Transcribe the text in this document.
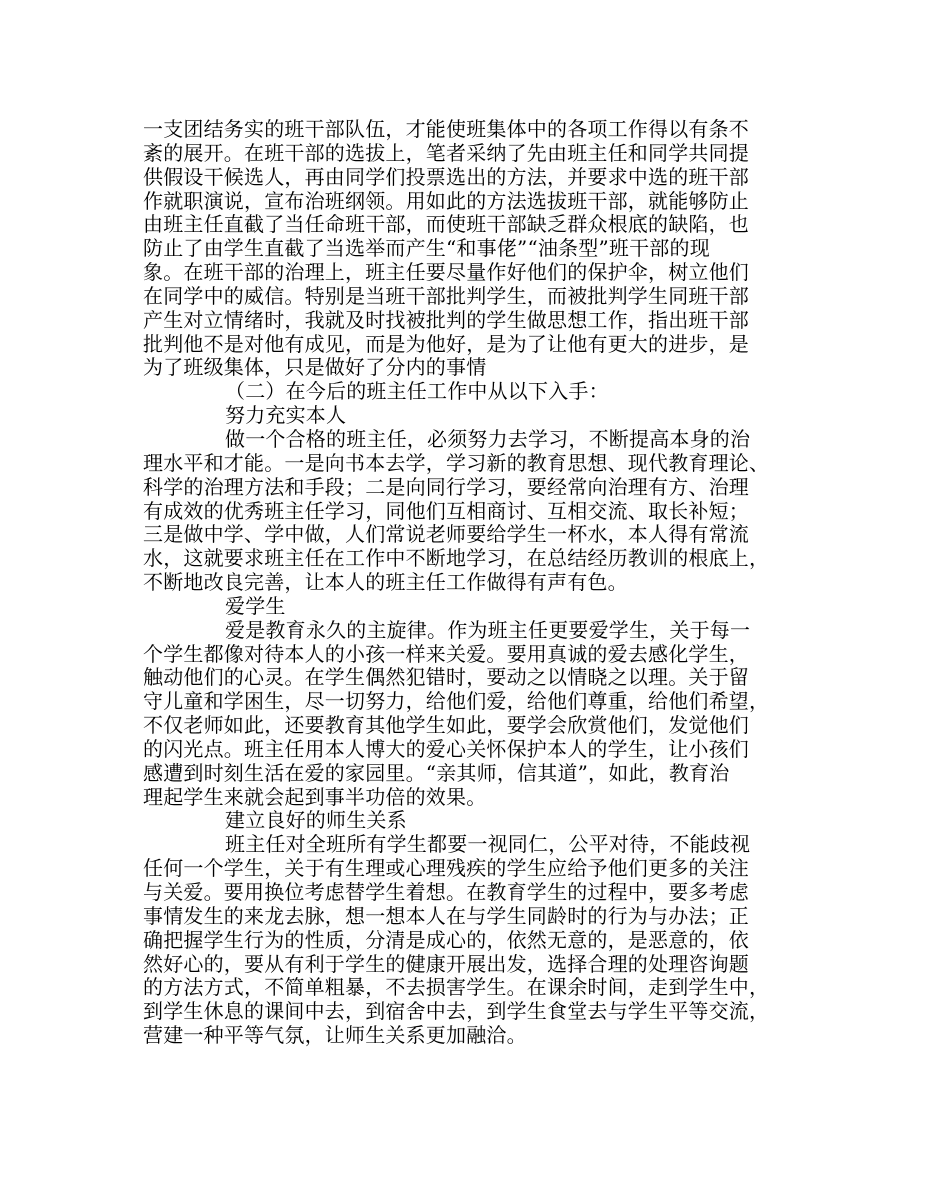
一支团结务实的班干部队伍，才能使班集体中的各项工作得以有条不
紊的展开。在班干部的选拔上，笔者采纳了先由班主任和同学共同提
供假设干候选人，再由同学们投票选出的方法，并要求中选的班干部
作就职演说，宣布治班纲领。用如此的方法选拔班干部，就能够防止
由班主任直截了当任命班干部，而使班干部缺乏群众根底的缺陷，也
防止了由学生直截了当选举而产生“和事佬”“油条型”班干部的现
象。在班干部的治理上，班主任要尽量作好他们的保护伞，树立他们
在同学中的威信。特别是当班干部批判学生，而被批判学生同班干部
产生对立情绪时，我就及时找被批判的学生做思想工作，指出班干部
批判他不是对他有成见，而是为他好，是为了让他有更大的进步，是
为了班级集体，只是做好了分内的事情
（二）在今后的班主任工作中从以下入手：
努力充实本人
做一个合格的班主任，必须努力去学习，不断提高本身的治
理水平和才能。一是向书本去学，学习新的教育思想、现代教育理论、
科学的治理方法和手段；二是向同行学习，要经常向治理有方、治理
有成效的优秀班主任学习，同他们互相商讨、互相交流、取长补短；
三是做中学、学中做，人们常说老师要给学生一杯水，本人得有常流
水，这就要求班主任在工作中不断地学习，在总结经历教训的根底上，
不断地改良完善，让本人的班主任工作做得有声有色。
爱学生
爱是教育永久的主旋律。作为班主任更要爱学生，关于每一
个学生都像对待本人的小孩一样来关爱。要用真诚的爱去感化学生，
触动他们的心灵。在学生偶然犯错时，要动之以情晓之以理。关于留
守儿童和学困生，尽一切努力，给他们爱，给他们尊重，给他们希望，
不仅老师如此，还要教育其他学生如此，要学会欣赏他们，发觉他们
的闪光点。班主任用本人博大的爱心关怀保护本人的学生，让小孩们
感遭到时刻生活在爱的家园里。“亲其师，信其道”，如此，教育治
理起学生来就会起到事半功倍的效果。
建立良好的师生关系
班主任对全班所有学生都要一视同仁，公平对待，不能歧视
任何一个学生，关于有生理或心理残疾的学生应给予他们更多的关注
与关爱。要用换位考虑替学生着想。在教育学生的过程中，要多考虑
事情发生的来龙去脉，想一想本人在与学生同龄时的行为与办法；正
确把握学生行为的性质，分清是成心的，依然无意的，是恶意的，依
然好心的，要从有利于学生的健康开展出发，选择合理的处理咨询题
的方法方式，不简单粗暴，不去损害学生。在课余时间，走到学生中，
到学生休息的课间中去，到宿舍中去，到学生食堂去与学生平等交流，
营建一种平等气氛，让师生关系更加融洽。
